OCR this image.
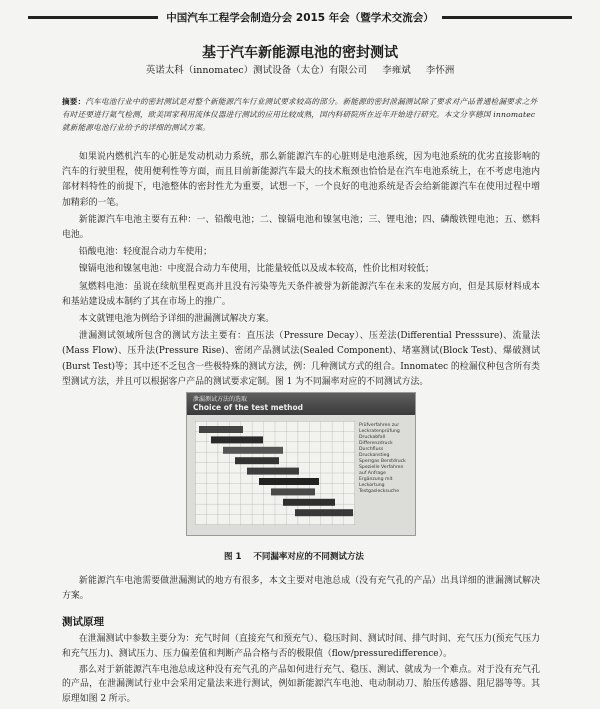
中国汽车工程学会制造分会 2015 年会（暨学术交流会）
基于汽车新能源电池的密封测试
英诺太科（innomatec）测试设备（太仓）有限公司 李雍斌 李怀洲
摘要：汽车电池行业中的密封测试是对整个新能源汽车行业测试要求较高的部分。新能源的密封泄漏测试除了要求对产品普通检漏要求之外有时还要进行氦气检测，欧美国家利用流体仪器进行测试的应用比较成熟，国内科研院所在近年开始进行研究。本文分享德国 innomatec 就新能源电池行业给予的详细的测试方案。

如果说内燃机汽车的心脏是发动机动力系统，那么新能源汽车的心脏则是电池系统，因为电池系统的优劣直接影响的汽车的行驶里程，使用便利性等方面，而且目前新能源汽车最大的技术瓶颈也恰恰是在汽车电池系统上，在不考虑电池内部材料特性的前提下，电池整体的密封性尤为重要，试想一下，一个良好的电池系统是否会给新能源汽车在使用过程中增加精彩的一笔。

新能源汽车电池主要有五种：一、铅酸电池；二、镍镉电池和镍氢电池；三、锂电池；四、磷酸铁锂电池；五、燃料电池。

铅酸电池：轻度混合动力车使用；

镍镉电池和镍氢电池：中度混合动力车使用，比能量较低以及成本较高，性价比相对较低；

氢燃料电池：虽说在续航里程更高并且没有污染等先天条件被誉为新能源汽车在未来的发展方向，但是其原材料成本和基站建设成本制约了其在市场上的推广。

本文就锂电池为例给予详细的泄漏测试解决方案。

泄漏测试领域所包含的测试方法主要有：直压法（Pressure Decay）、压差法(Differential Presssure)、流量法(Mass Flow)、压升法(Pressure Rise)、密闭产品测试法(Sealed Component)、堵塞测试(Block Test)、爆破测试(Burst Test)等；其中还不乏包含一些极特殊的测试方法，例：几种测试方式的组合。Innomatec 的检漏仪种包含所有类型测试方法，并且可以根据客户产品的测试要求定制。图 1 为不同漏率对应的不同测试方法。

泄漏测试方法的选取
Choice of the test method
Prüfverfahren zur Leckratenprüfung Druckabfall Differenzdruck Durchfluss Druckanstieg Sperrgas Berstdruck Spezielle Verfahren auf Anfrage Ergänzung mit Leckortung Testgaslecksuche
图 1 不同漏率对应的不同测试方法

新能源汽车电池需要做泄漏测试的地方有很多，本文主要对电池总成（没有充气孔的产品）出具详细的泄漏测试解决方案。

测试原理

在泄漏测试中参数主要分为：充气时间（直接充气和预充气）、稳压时间、测试时间、排气时间、充气压力(预充气压力和充气压力)、测试压力、压力偏差值和判断产品合格与否的极限值（flow/pressuredifference）。

那么对于新能源汽车电池总成这种没有充气孔的产品如何进行充气、稳压、测试、就成为一个难点。对于没有充气孔的产品，在泄漏测试行业中会采用定量法来进行测试，例如新能源汽车电池、电动制动刀、胎压传感器、阻尼器等等。其原理如图 2 所示。
